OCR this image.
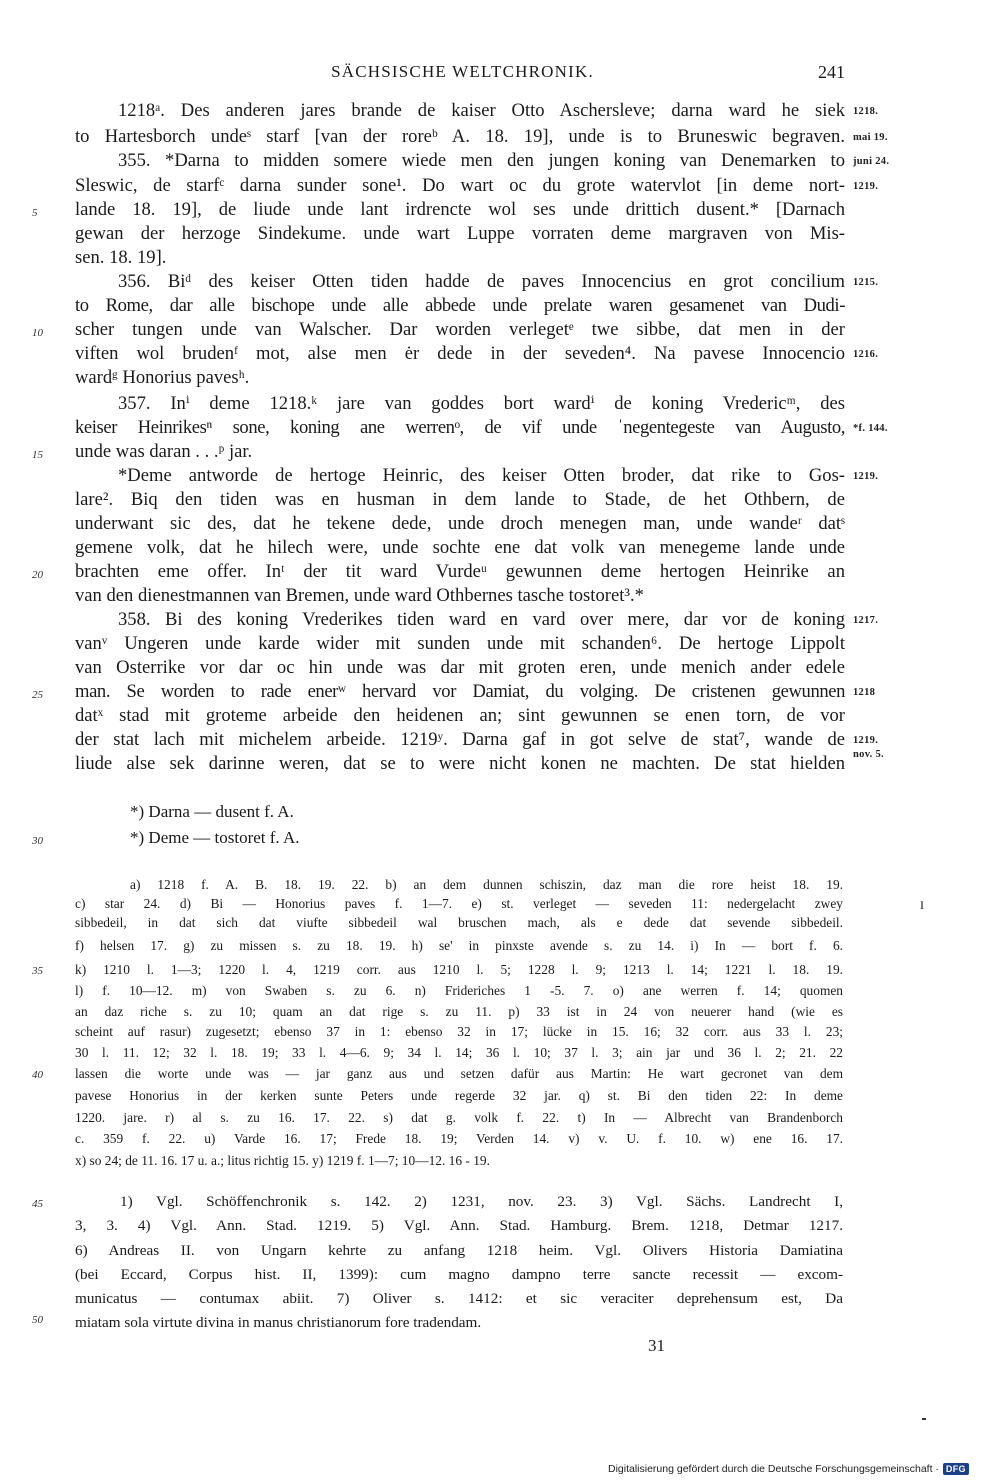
SÄCHSISCHE WELTCHRONIK.	241
1218ᵃ. Des anderen jares brande de kaiser Otto Aschersleve; darna ward he siek
to Hartesborch undeˢ starf [van der roreᵇ A. 18. 19], unde is to Bruneswic begraven.
355. *Darna to midden somere wiede men den jungen koning van Denemarken to
Sleswic, de starfᶜ darna sunder sone¹. Do wart oc du grote watervlot [in deme nort-
lande 18. 19], de liude unde lant irdrencte wol ses unde drittich dusent.* [Darnach
gewan der herzoge Sindekume. unde wart Luppe vorraten deme margraven von Mis-
sen. 18. 19].
356. Biᵈ des keiser Otten tiden hadde de paves Innocencius en grot concilium
to Rome, dar alle bischope unde alle abbede unde prelate waren gesamenet van Dudi-
scher tungen unde van Walscher. Dar worden verlegetᵉ twe sibbe, dat men in der
viften wol brudenᶠ mot, alse men ėr dede in der seveden⁴. Na pavese Innocencio
wardᵍ Honorius pavesʰ.
357. Inⁱ deme 1218.ᵏ jare van goddes bort wardⁱ de koning Vredericᵐ, des
keiser Heinrikesⁿ sone, koning ane werrenᵒ, de vif unde ˈnegentegeste van Augusto,
unde was daran . . .ᵖ jar.
*Deme antworde de hertoge Heinric, des keiser Otten broder, dat rike to Gos-
lare². Biq den tiden was en husman in dem lande to Stade, de het Othbern, de
underwant sic des, dat he tekene dede, unde droch menegen man, unde wandeʳ datˢ
gemene volk, dat he hilech were, unde sochte ene dat volk van menegeme lande unde
brachten eme offer. Inᵗ der tit ward Vurdeᵘ gewunnen deme hertogen Heinrike an
van den dienestmannen van Bremen, unde ward Othbernes tasche tostoret³.*
358. Bi des koning Vrederikes tiden ward en vard over mere, dar vor de koning
vanᵛ Ungeren unde karde wider mit sunden unde mit schanden⁶. De hertoge Lippolt
van Osterrike vor dar oc hin unde was dar mit groten eren, unde menich ander edele
man. Se worden to rade enerʷ hervard vor Damiat, du volging. De cristenen gewunnen
datˣ stad mit groteme arbeide den heidenen an; sint gewunnen se enen torn, de vor
der stat lach mit michelem arbeide. 1219ʸ. Darna gaf in got selve de stat⁷, wande de
liude alse sek darinne weren, dat se to were nicht konen ne machten. De stat hielden
5
10
15
20
25
30
35
40
45
50
1218.
mai 19.
juni 24.
1219.
1215.
1216.
*f. 144.
1219.
1217.
1218
1219.
nov. 5.
*) Darna — dusent f. A.
*) Deme — tostoret f. A.
a) 1218 f. A. B. 18. 19. 22. b) an dem dunnen schiszin, daz man die rore heist 18. 19.
c) star 24. d) Bi — Honorius paves f. 1—7. e) st. verleget — seveden 11: nedergelacht zwey
sibbedeil, in dat sich dat viufte sibbedeil wal bruschen mach, als e dede dat sevende sibbedeil.
f) helsen 17. g) zu missen s. zu 18. 19. h) se' in pinxste avende s. zu 14. i) In — bort f. 6.
k) 1210 l. 1—3; 1220 l. 4, 1219 corr. aus 1210 l. 5; 1228 l. 9; 1213 l. 14; 1221 l. 18. 19.
l) f. 10—12. m) von Swaben s. zu 6. n) Frideriches 1 -5. 7. o) ane werren f. 14; quomen
an daz riche s. zu 10; quam an dat rige s. zu 11. p) 33 ist in 24 von neuerer hand (wie es
scheint auf rasur) zugesetzt; ebenso 37 in 1: ebenso 32 in 17; lücke in 15. 16; 32 corr. aus 33 l. 23;
30 l. 11. 12; 32 l. 18. 19; 33 l. 4—6. 9; 34 l. 14; 36 l. 10; 37 l. 3; ain jar und 36 l. 2; 21. 22
lassen die worte unde was — jar ganz aus und setzen dafür aus Martin: He wart gecronet van dem
pavese Honorius in der kerken sunte Peters unde regerde 32 jar. q) st. Bi den tiden 22: In deme
1220. jare. r) al s. zu 16. 17. 22. s) dat g. volk f. 22. t) In — Albrecht van Brandenborch
c. 359 f. 22. u) Varde 16. 17; Frede 18. 19; Verden 14. v) v. U. f. 10. w) ene 16. 17.
x) so 24; de 11. 16. 17 u. a.; litus richtig 15. y) 1219 f. 1—7; 10—12. 16 - 19.
1) Vgl. Schöffenchronik s. 142. 2) 1231, nov. 23. 3) Vgl. Sächs. Landrecht I,
3, 3. 4) Vgl. Ann. Stad. 1219. 5) Vgl. Ann. Stad. Hamburg. Brem. 1218, Detmar 1217.
6) Andreas II. von Ungarn kehrte zu anfang 1218 heim. Vgl. Olivers Historia Damiatina
(bei Eccard, Corpus hist. II, 1399): cum magno dampno terre sancte recessit — excom-
municatus — contumax abiit. 7) Oliver s. 1412: et sic veraciter deprehensum est, Da
miatam sola virtute divina in manus christianorum fore tradendam.
I
31
Digitalisierung gefördert durch die Deutsche Forschungsgemeinschaft · DFG
